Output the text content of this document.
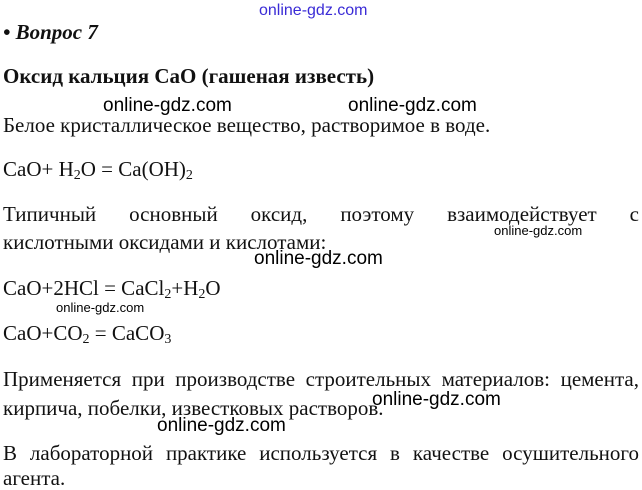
online-gdz.com
• Вопрос 7
Оксид кальция СаО (гашеная известь)
online-gdz.com	online-gdz.com
Белое кристаллическое вещество, растворимое в воде.
$CaO+ H_2O = Ca(OH)_2$
Типичный основный оксид, поэтому взаимодействует с
кислотными оксидами и кислотами:	online-gdz.com
online-gdz.com
$CaO+2HCl = CaCl_2+H_2O$
online-gdz.com
$CaO+CO_2$ = CaCO$_3$
Применяется при производстве строительных материалов: цемента,
кирпича, побелки, известковых растворов.
online-gdz.com
online-gdz.com
В лабораторной практике используется в качестве осушительного
агента.
